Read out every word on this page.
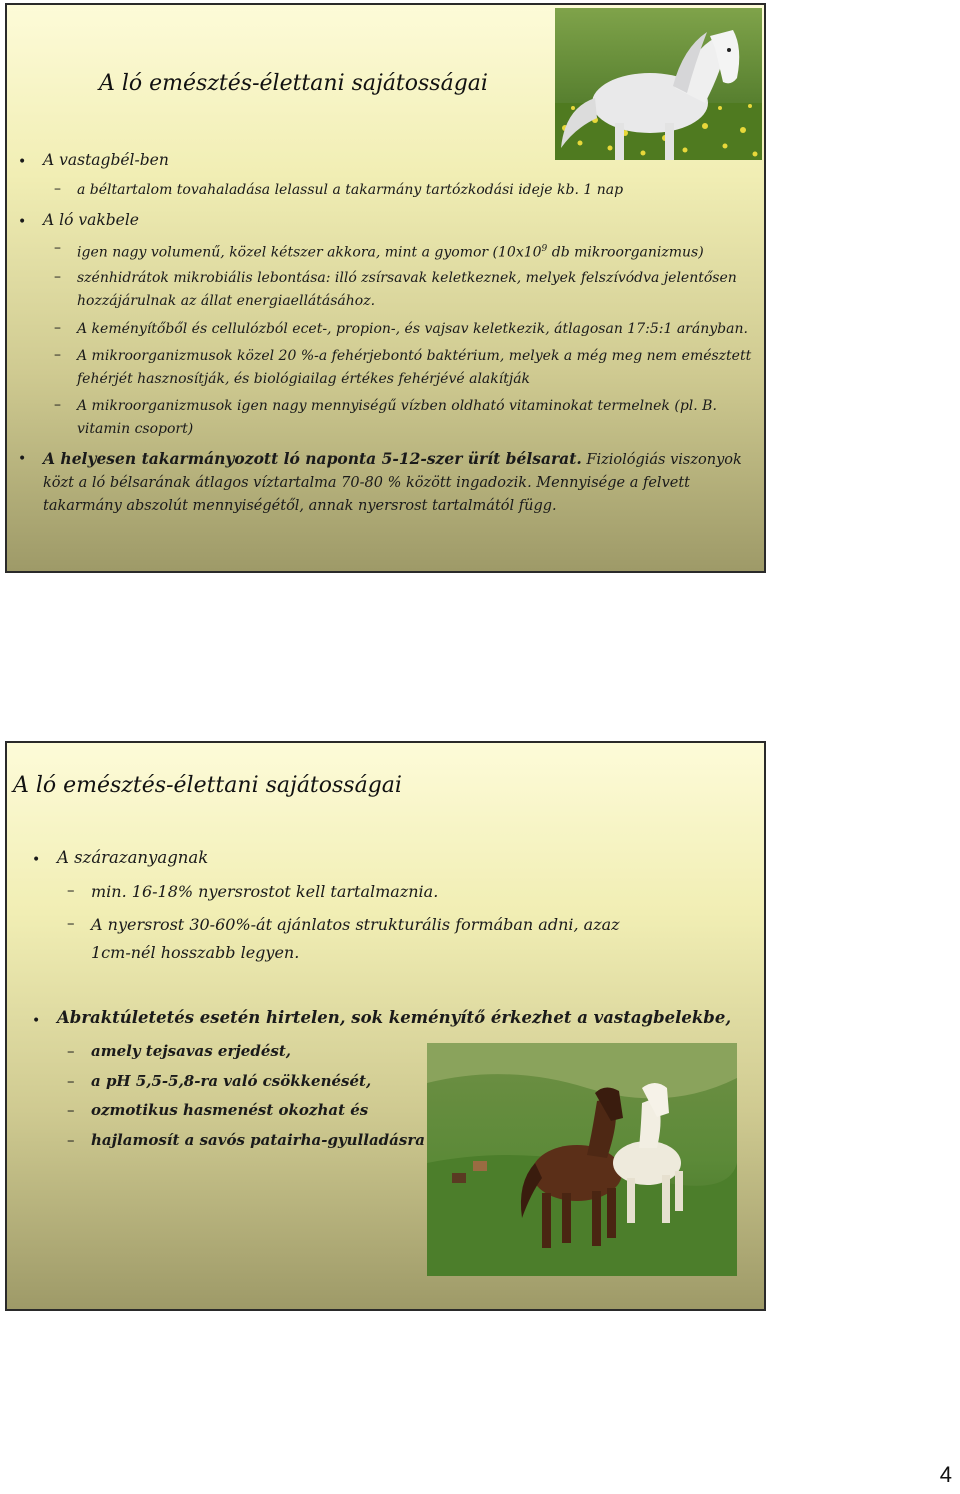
A ló emésztés-élettani sajátosságai
• A vastagbél-ben
– a béltartalom tovahaladása lelassul a takarmány tartózkodási ideje kb. 1 nap
• A ló vakbele
– igen nagy volumenű, közel kétszer akkora, mint a gyomor ($10x10^9$ db mikroorganizmus)
– szénhidrátok mikrobiális lebontása: illó zsírsavak keletkeznek, melyek felszívódva jelentősen hozzájárulnak az állat energiaellátásához.
– A keményítőből és cellulózból ecet-, propion-, és vajsav keletkezik, átlagosan 17:5:1 arányban.
– A mikroorganizmusok közel 20 %-a fehérjebontó baktérium, melyek a még meg nem emésztett fehérjét hasznosítják, és biológiailag értékes fehérjévé alakítják
– A mikroorganizmusok igen nagy mennyiségű vízben oldható vitaminokat termelnek (pl. B. vitamin csoport)
• A helyesen takarmányozott ló naponta 5-12-szer ürít bélsarat. Fiziológiás viszonyok közt a ló bélsarának átlagos víztartalma 70-80 % között ingadozik. Mennyisége a felvett takarmány abszolút mennyiségétől, annak nyersrost tartalmától függ.
A ló emésztés-élettani sajátosságai
• A szárazanyagnak
– min. 16-18% nyersrostot kell tartalmaznia.
– A nyersrost 30-60%-át ajánlatos strukturális formában adni, azaz 1cm-nél hosszabb legyen.
• Abraktúletetés esetén hirtelen, sok keményítő érkezhet a vastagbelekbe,
– amely tejsavas erjedést,
– a pH 5,5-5,8-ra való csökkenését,
– ozmotikus hasmenést okozhat és
– hajlamosít a savós patairha-gyulladásra
4
